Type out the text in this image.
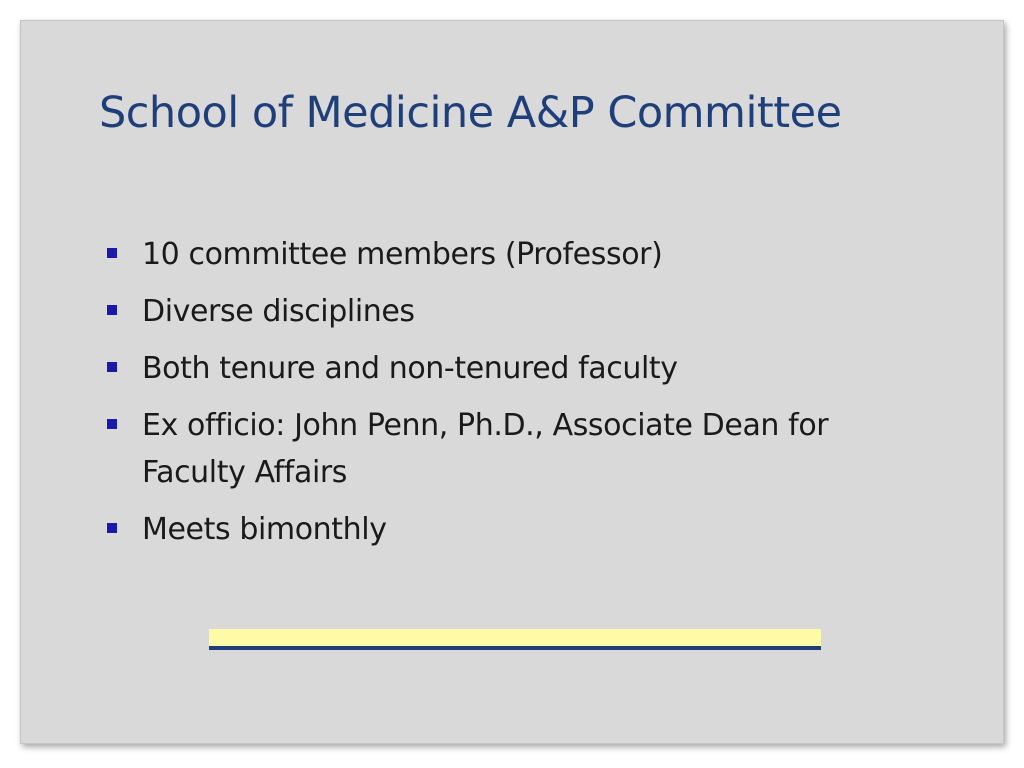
School of Medicine A&P Committee
10 committee members (Professor)
Diverse disciplines
Both tenure and non-tenured faculty
Ex officio: John Penn, Ph.D., Associate Dean for Faculty Affairs
Meets bimonthly
